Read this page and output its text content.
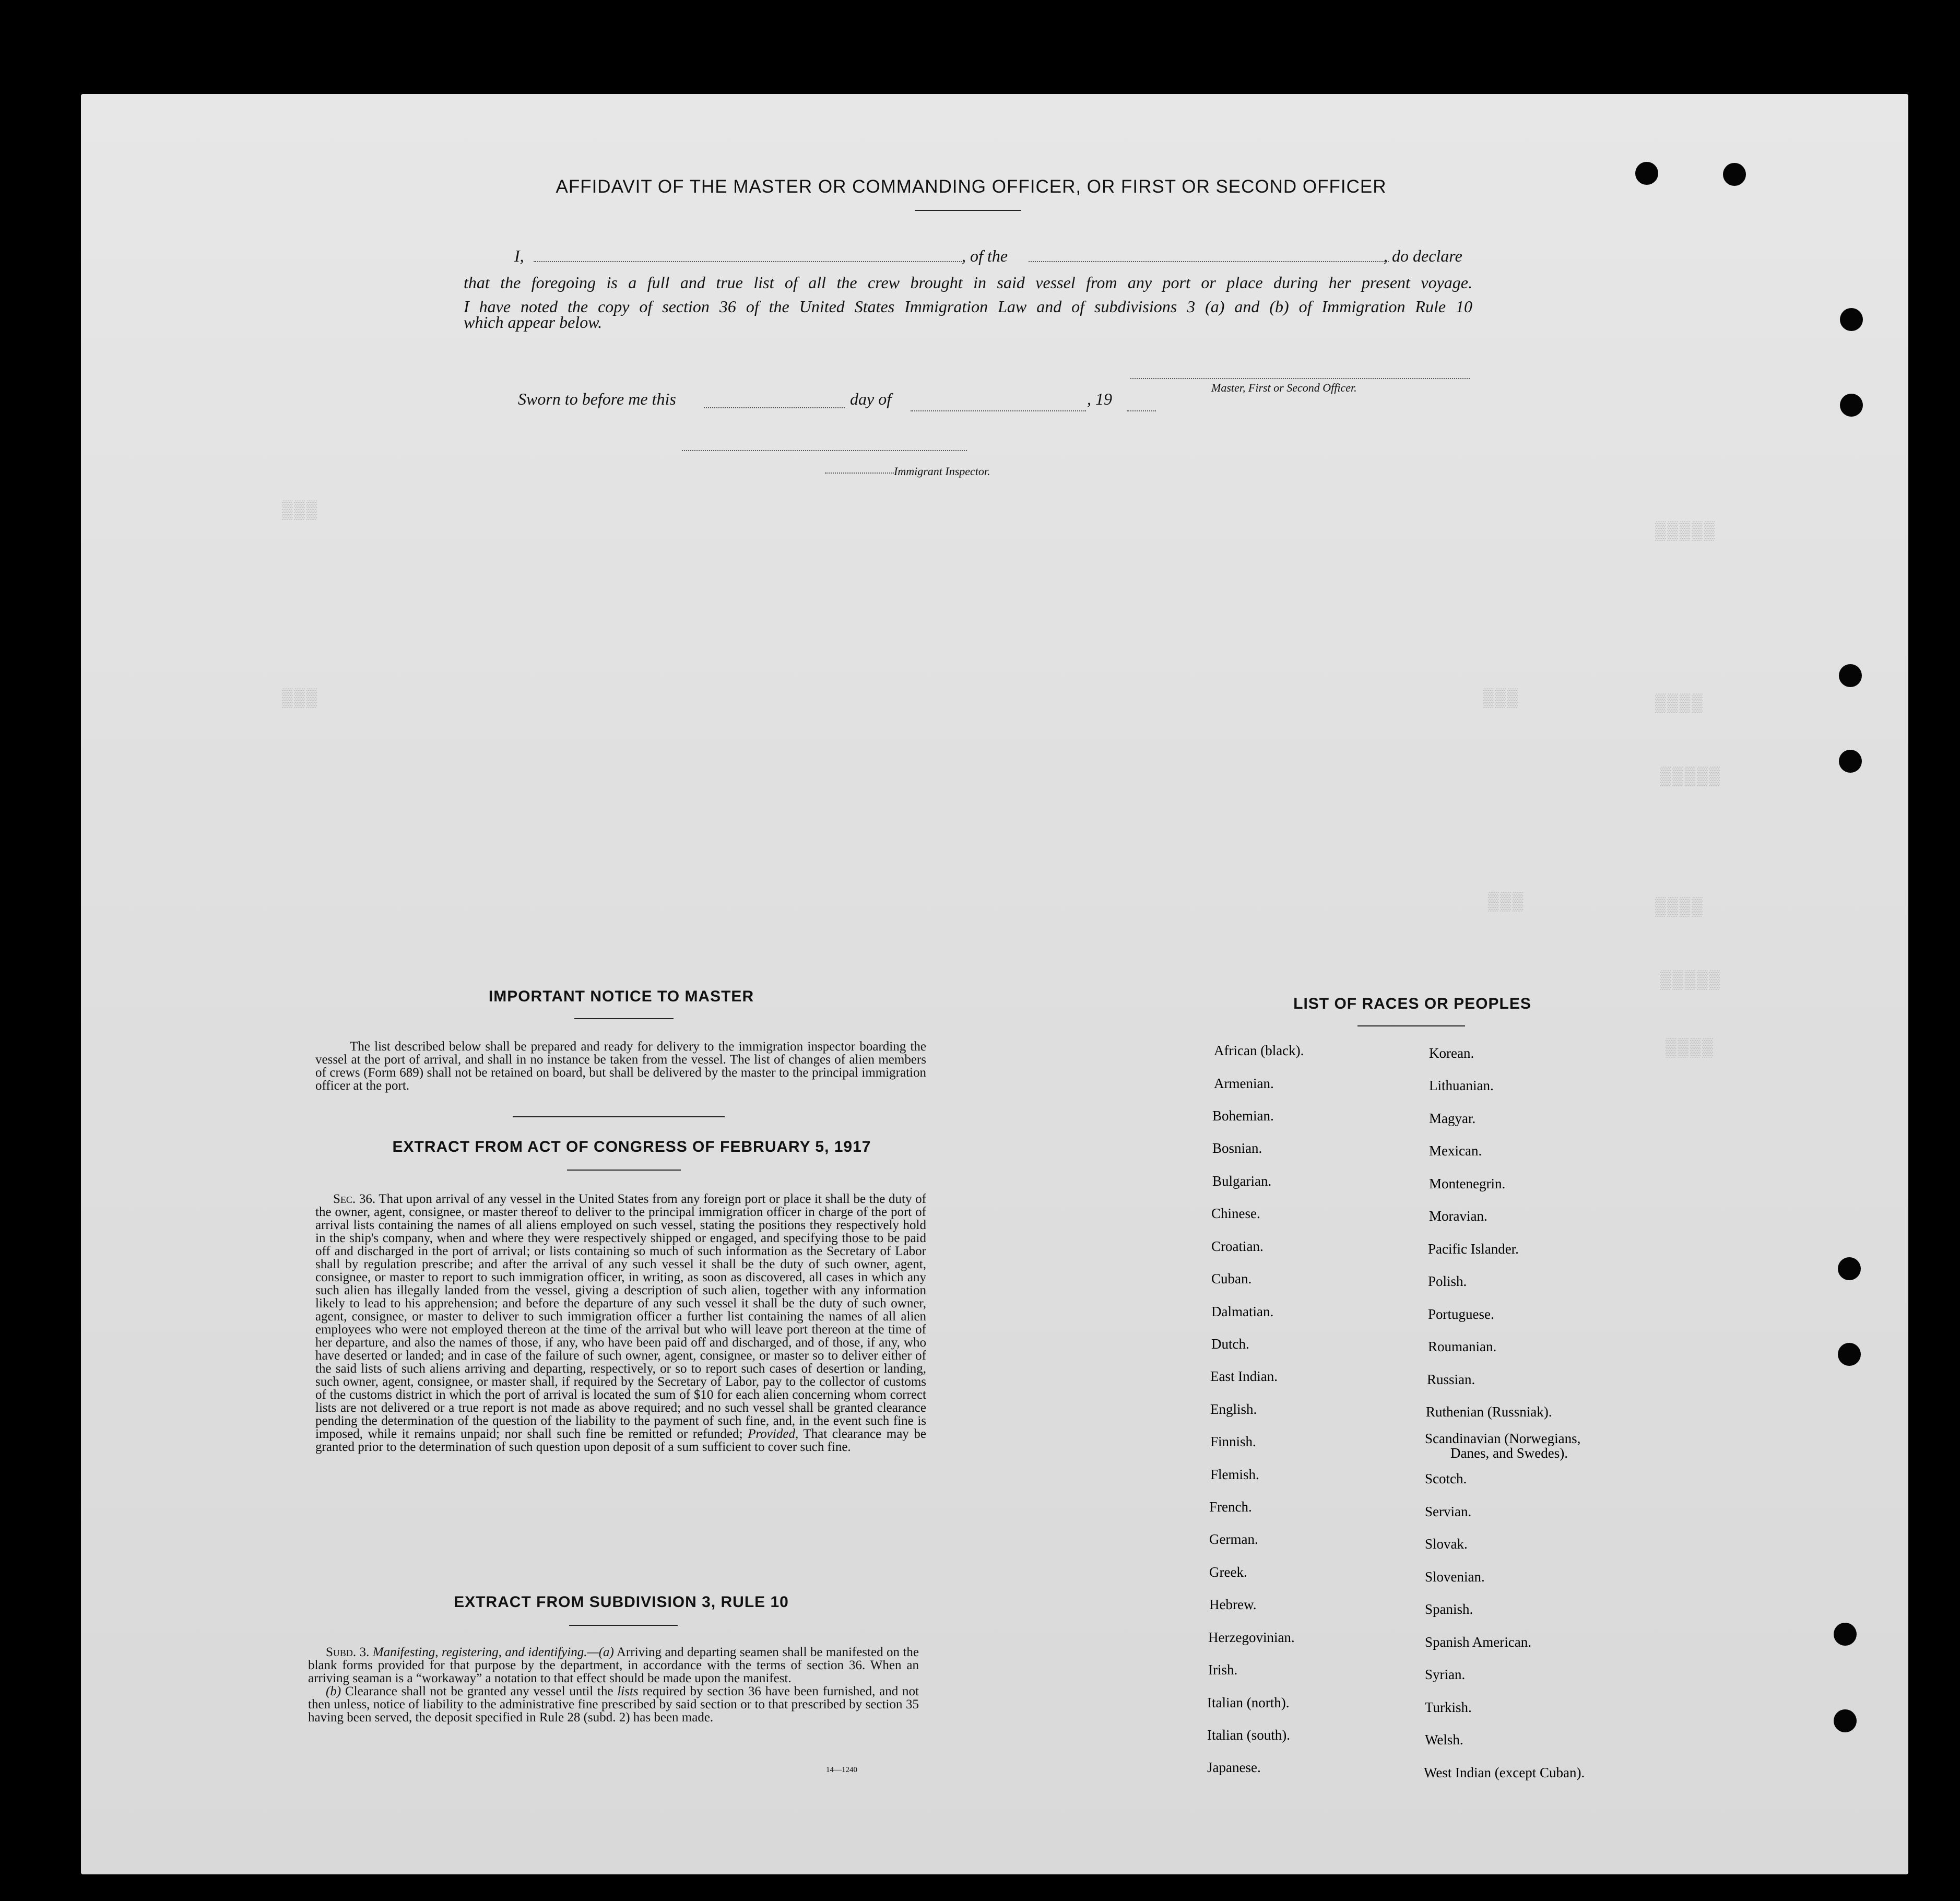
▒▒▒▒▒
▒▒▒▒
▒▒▒▒▒
▒▒▒▒
▒▒▒▒▒
▒▒▒▒
▒▒▒
▒▒▒
▒▒▒
▒▒▒
AFFIDAVIT OF THE MASTER OR COMMANDING OFFICER, OR FIRST OR SECOND OFFICER
I,	, of the	, do declare
that the foregoing is a full and true list of all the crew brought in said vessel from any port or place during her present voyage.
I have noted the copy of section 36 of the United States Immigration Law and of subdivisions 3 (a) and (b) of Immigration Rule 10
which appear below.
Master, First or Second Officer.
Sworn to before me this	day of	, 19
Immigrant Inspector.
IMPORTANT NOTICE TO MASTER
The list described below shall be prepared and ready for delivery to the immigration inspector boarding the vessel at the port of arrival, and shall in no instance be taken from the vessel. The list of changes of alien members of crews (Form 689) shall not be retained on board, but shall be delivered by the master to the principal immigration officer at the port.
EXTRACT FROM ACT OF CONGRESS OF FEBRUARY 5, 1917

Sec. 36. That upon arrival of any vessel in the United States from any foreign port or place it shall be the duty of the owner, agent, consignee, or master thereof to deliver to the principal immigration officer in charge of the port of arrival lists containing the names of all aliens employed on such vessel, stating the positions they respectively hold in the ship's company, when and where they were respectively shipped or engaged, and specifying those to be paid off and discharged in the port of arrival; or lists containing so much of such information as the Secretary of Labor shall by regulation prescribe; and after the arrival of any such vessel it shall be the duty of such owner, agent, consignee, or master to report to such immigration officer, in writing, as soon as discovered, all cases in which any such alien has illegally landed from the vessel, giving a description of such alien, together with any information likely to lead to his apprehension; and before the departure of any such vessel it shall be the duty of such owner, agent, consignee, or master to deliver to such immigration officer a further list containing the names of all alien employees who were not employed thereon at the time of the arrival but who will leave port thereon at the time of her departure, and also the names of those, if any, who have been paid off and discharged, and of those, if any, who have deserted or landed; and in case of the failure of such owner, agent, consignee, or master so to deliver either of the said lists of such aliens arriving and departing, respectively, or so to report such cases of desertion or landing, such owner, agent, consignee, or master shall, if required by the Secretary of Labor, pay to the collector of customs of the customs district in which the port of arrival is located the sum of $10 for each alien concerning whom correct lists are not delivered or a true report is not made as above required; and no such vessel shall be granted clearance pending the determination of the question of the liability to the payment of such fine, and, in the event such fine is imposed, while it remains unpaid; nor shall such fine be remitted or refunded; Provided, That clearance may be granted prior to the determination of such question upon deposit of a sum sufficient to cover such fine.

EXTRACT FROM SUBDIVISION 3, RULE 10

Subd. 3. Manifesting, registering, and identifying.—(a) Arriving and departing seamen shall be manifested on the blank forms provided for that purpose by the department, in accordance with the terms of section 36. When an arriving seaman is a “workaway” a notation to that effect should be made upon the manifest.

(b) Clearance shall not be granted any vessel until the lists required by section 36 have been furnished, and not then unless, notice of liability to the administrative fine prescribed by said section or to that prescribed by section 35 having been served, the deposit specified in Rule 28 (subd. 2) has been made.

14—1240
LIST OF RACES OR PEOPLES
African (black).
Armenian.
Bohemian.
Bosnian.
Bulgarian.
Chinese.
Croatian.
Cuban.
Dalmatian.
Dutch.
East Indian.
English.
Finnish.
Flemish.
French.
German.
Greek.
Hebrew.
Herzegovinian.
Irish.
Italian (north).
Italian (south).
Japanese.
Korean.
Lithuanian.
Magyar.
Mexican.
Montenegrin.
Moravian.
Pacific Islander.
Polish.
Portuguese.
Roumanian.
Russian.
Ruthenian (Russniak).
Scandinavian (Norwegians,
Danes, and Swedes).
Scotch.
Servian.
Slovak.
Slovenian.
Spanish.
Spanish American.
Syrian.
Turkish.
Welsh.
West Indian (except Cuban).
